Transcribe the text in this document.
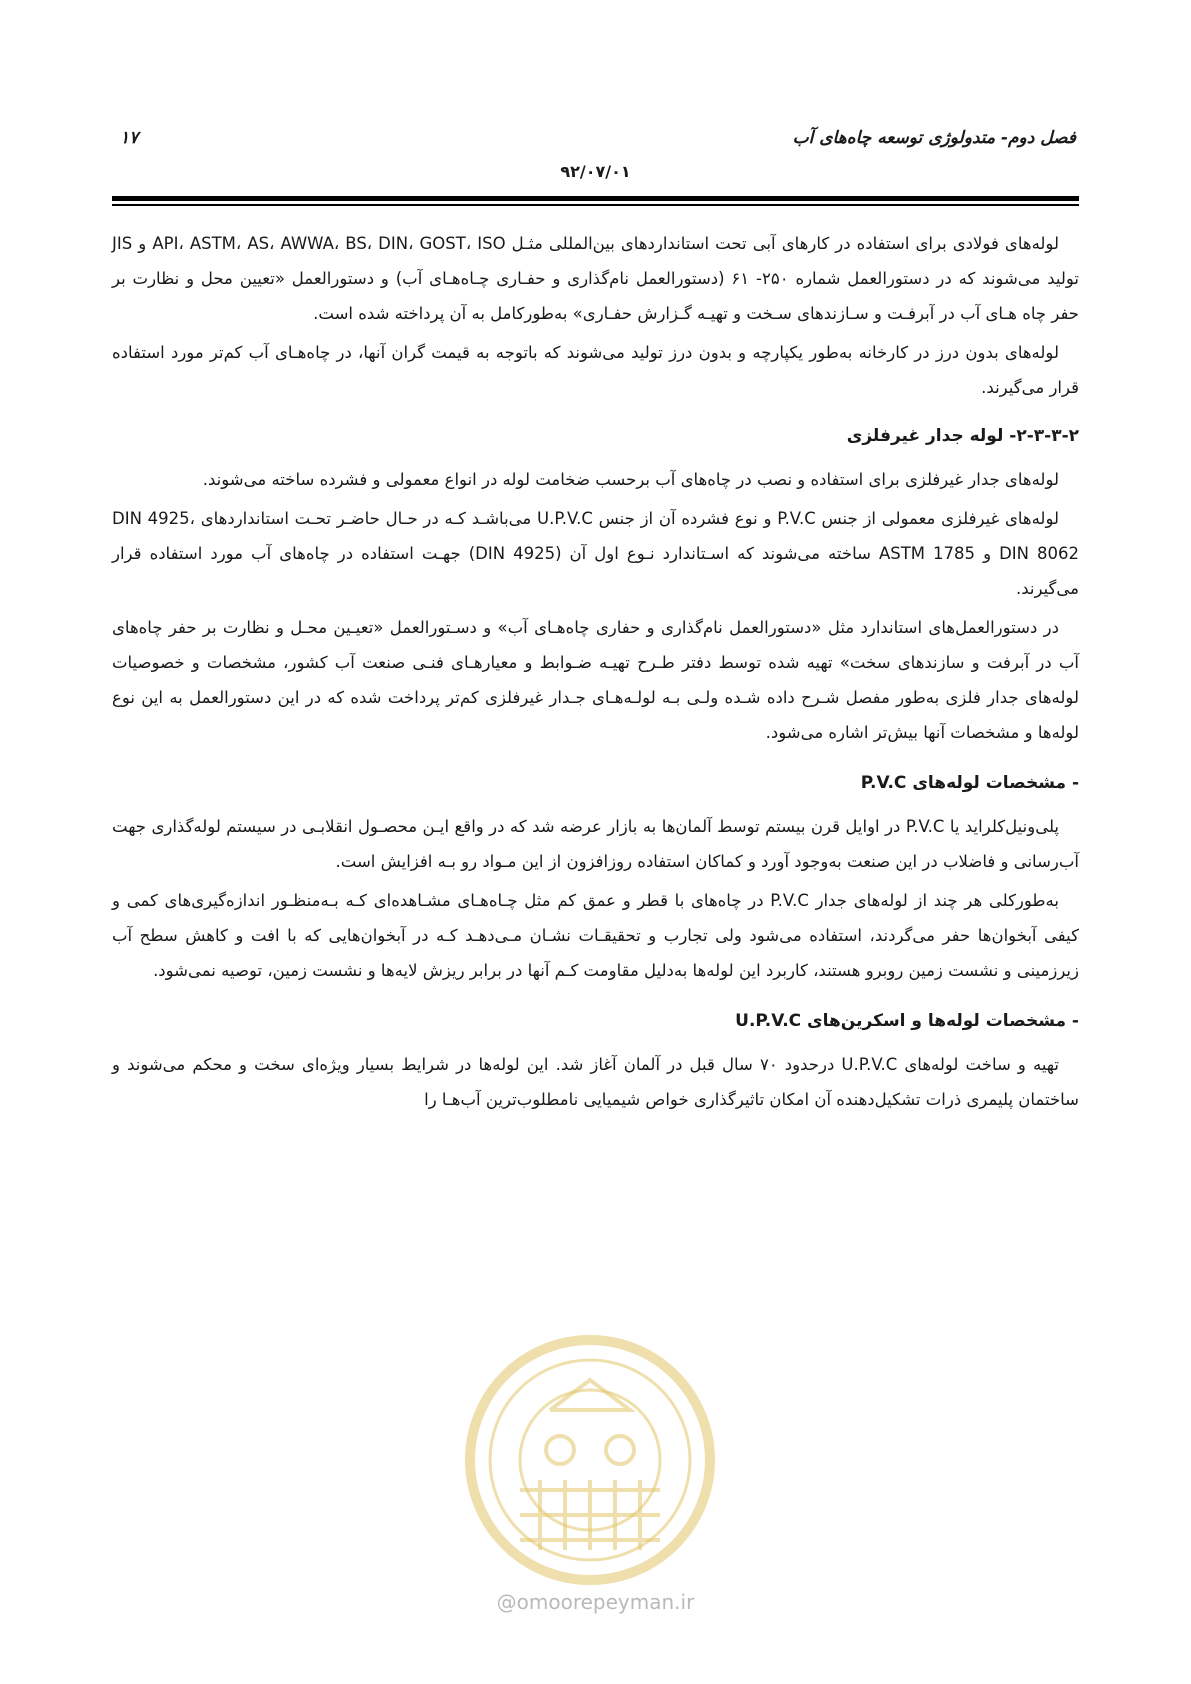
فصل دوم- متدولوژی توسعه چاه‌های آب
۱۷
۹۲/۰۷/۰۱

لوله‌های فولادی برای استفاده در کارهای آبی تحت استانداردهای بین‌المللی مثـل API، ASTM، AS، AWWA، BS، DIN، GOST، ISO و JIS تولید می‌شوند که در دستورالعمل شماره ۲۵۰- ۶۱ (دستورالعمل نام‌گذاری و حفـاری چـاه‌هـای آب) و دستورالعمل «تعیین محل و نظارت بر حفر چاه هـای آب در آبرفـت و سـازندهای سـخت و تهیـه گـزارش حفـاری» به‌طورکامل به آن پرداخته شده است.

لوله‌های بدون درز در کارخانه به‌طور یکپارچه و بدون درز تولید می‌شوند که باتوجه به قیمت گران آنها، در چاه‌هـای آب کم‌تر مورد استفاده قرار می‌گیرند.

۲-۳-۳-۲- لوله جدار غیرفلزی

لوله‌های جدار غیرفلزی برای استفاده و نصب در چاه‌های آب برحسب ضخامت لوله در انواع معمولی و فشرده ساخته می‌شوند.

لوله‌های غیرفلزی معمولی از جنس P.V.C و نوع فشرده آن از جنس U.P.V.C می‌باشـد کـه در حـال حاضـر تحـت استانداردهای DIN 4925، DIN 8062 و ASTM 1785 ساخته می‌شوند که اسـتاندارد نـوع اول آن (DIN 4925) جهـت استفاده در چاه‌های آب مورد استفاده قرار می‌گیرند.

در دستورالعمل‌های استاندارد مثل «دستورالعمل نام‌گذاری و حفاری چاه‌هـای آب» و دسـتورالعمل «تعیـین محـل و نظارت بر حفر چاه‌های آب در آبرفت و سازندهای سخت» تهیه شده توسط دفتر طـرح تهیـه ضـوابط و معیارهـای فنـی صنعت آب کشور، مشخصات و خصوصیات لوله‌های جدار فلزی به‌طور مفصل شـرح داده شـده ولـی بـه لولـه‌هـای جـدار غیرفلزی کم‌تر پرداخت شده که در این دستورالعمل به این نوع لوله‌ها و مشخصات آنها بیش‌تر اشاره می‌شود.

- مشخصات لوله‌های P.V.C

پلی‌ونیل‌کلراید یا P.V.C در اوایل قرن بیستم توسط آلمان‌ها به بازار عرضه شد که در واقع ایـن محصـول انقلابـی در سیستم لوله‌گذاری جهت آب‌رسانی و فاضلاب در این صنعت به‌وجود آورد و کماکان استفاده روزافزون از این مـواد رو بـه افزایش است.

به‌طورکلی هر چند از لوله‌های جدار P.V.C در چاه‌های با قطر و عمق کم مثل چـاه‌هـای مشـاهده‌ای کـه بـه‌منظـور اندازه‌گیری‌های کمی و کیفی آبخوان‌ها حفر می‌گردند، استفاده می‌شود ولی تجارب و تحقیقـات نشـان مـی‌دهـد کـه در آبخوان‌هایی که با افت و کاهش سطح آب زیرزمینی و نشست زمین روبرو هستند، کاربرد این لوله‌ها به‌دلیل مقاومت کـم آنها در برابر ریزش لایه‌ها و نشست زمین، توصیه نمی‌شود.

- مشخصات لوله‌ها و اسکرین‌های U.P.V.C

تهیه و ساخت لوله‌های U.P.V.C درحدود ۷۰ سال قبل در آلمان آغاز شد. این لوله‌ها در شرایط بسیار ویژه‌ای سخت و محکم می‌شوند و ساختمان پلیمری ذرات تشکیل‌دهنده آن امکان تاثیرگذاری خواص شیمیایی نامطلوب‌ترین آب‌هـا را

@omoorepeyman.ir
